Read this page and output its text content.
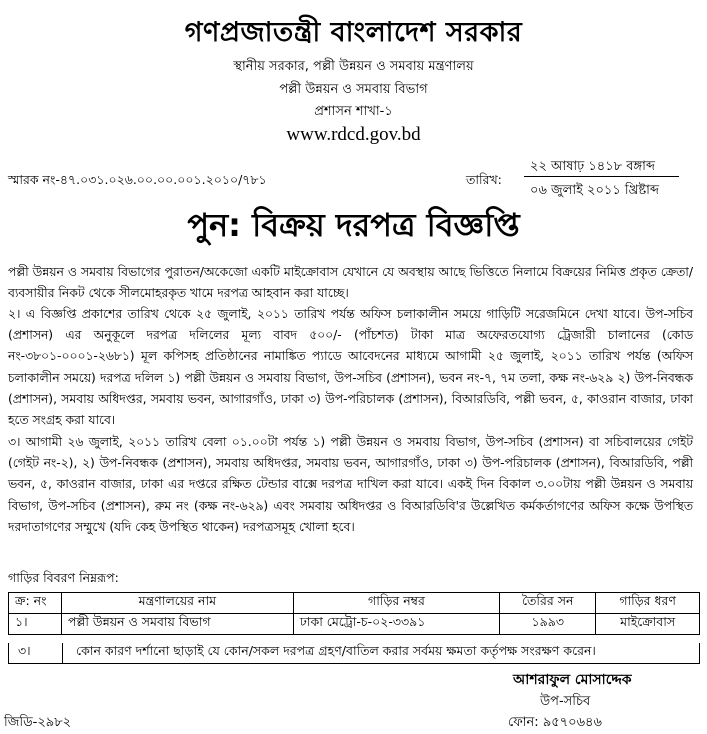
গণপ্রজাতন্ত্রী বাংলাদেশ সরকার
স্থানীয় সরকার, পল্লী উন্নয়ন ও সমবায় মন্ত্রণালয়
পল্লী উন্নয়ন ও সমবায় বিভাগ
প্রশাসন শাখা-১
www.rdcd.gov.bd
স্মারক নং-৪৭.০৩১.০২৬.০০.০০.০০১.২০১০/৭৮১	তারিখ:
২২ আষাঢ় ১৪১৮ বঙ্গাব্দ
০৬ জুলাই ২০১১ খ্রিষ্টাব্দ
পুন: বিক্রয় দরপত্র বিজ্ঞপ্তি

পল্লী উন্নয়ন ও সমবায় বিভাগের পুরাতন/অকেজো একটি মাইক্রোবাস যেখানে যে অবস্থায় আছে ভিত্তিতে নিলামে বিক্রয়ের নিমিত্ত প্রকৃত ক্রেতা/ব্যবসায়ীর নিকট থেকে সীলমোহরকৃত খামে দরপত্র আহবান করা যাচ্ছে।

২। এ বিজ্ঞপ্তি প্রকাশের তারিখ থেকে ২৫ জুলাই, ২০১১ তারিখ পর্যন্ত অফিস চলাকালীন সময়ে গাড়িটি সরেজমিনে দেখা যাবে। উপ-সচিব (প্রশাসন) এর অনুকূলে দরপত্র দলিলের মূল্য বাবদ ৫০০/- (পাঁচশত) টাকা মাত্র অফেরতযোগ্য ট্রেজারী চালানের (কোড নং-৩৮০১-০০০১-২৬৮১) মূল কপিসহ প্রতিষ্ঠানের নামাঙ্কিত প্যাডে আবেদনের মাধ্যমে আগামী ২৫ জুলাই, ২০১১ তারিখ পর্যন্ত (অফিস চলাকালীন সময়ে) দরপত্র দলিল ১) পল্লী উন্নয়ন ও সমবায় বিভাগ, উপ-সচিব (প্রশাসন), ভবন নং-৭, ৭ম তলা, কক্ষ নং-৬২৯ ২) উপ-নিবন্ধক (প্রশাসন), সমবায় অধিদপ্তর, সমবায় ভবন, আগারগাঁও, ঢাকা ৩) উপ-পরিচালক (প্রশাসন), বিআরডিবি, পল্লী ভবন, ৫, কাওরান বাজার, ঢাকা হতে সংগ্রহ করা যাবে।

৩। আগামী ২৬ জুলাই, ২০১১ তারিখ বেলা ০১.০০টা পর্যন্ত ১) পল্লী উন্নয়ন ও সমবায় বিভাগ, উপ-সচিব (প্রশাসন) বা সচিবালয়ের গেইট (গেইট নং-২), ২) উপ-নিবন্ধক (প্রশাসন), সমবায় অধিদপ্তর, সমবায় ভবন, আগারগাঁও, ঢাকা ৩) উপ-পরিচালক (প্রশাসন), বিআরডিবি, পল্লী ভবন, ৫, কাওরান বাজার, ঢাকা এর দপ্তরে রক্ষিত টেন্ডার বাক্সে দরপত্র দাখিল করা যাবে। একই দিন বিকাল ৩.০০টায় পল্লী উন্নয়ন ও সমবায় বিভাগ, উপ-সচিব (প্রশাসন), রুম নং (কক্ষ নং-৬২৯) এবং সমবায় অধিদপ্তর ও বিআরডিবি'র উল্লেখিত কর্মকর্তাগণের অফিস কক্ষে উপস্থিত দরদাতাগণের সম্মুখে (যদি কেহ উপস্থিত থাকেন) দরপত্রসমূহ খোলা হবে।

গাড়ির বিবরণ নিম্নরূপ:
ক্র: নং	মন্ত্রণালয়ের নাম	গাড়ির নম্বর	তৈরির সন	গাড়ির ধরণ
১।	পল্লী উন্নয়ন ও সমবায় বিভাগ	ঢাকা মেট্রো-চ-০২-৩৩৯১	১৯৯৩	মাইক্রোবাস
৩।	কোন কারণ দর্শানো ছাড়াই যে কোন/সকল দরপত্র গ্রহণ/বাতিল করার সর্বময় ক্ষমতা কর্তৃপক্ষ সংরক্ষণ করেন।
আশরাফুল মোসাদ্দেক
উপ-সচিব
জিডি-২৯৮২	ফোন: ৯৫৭০৬৪৬
